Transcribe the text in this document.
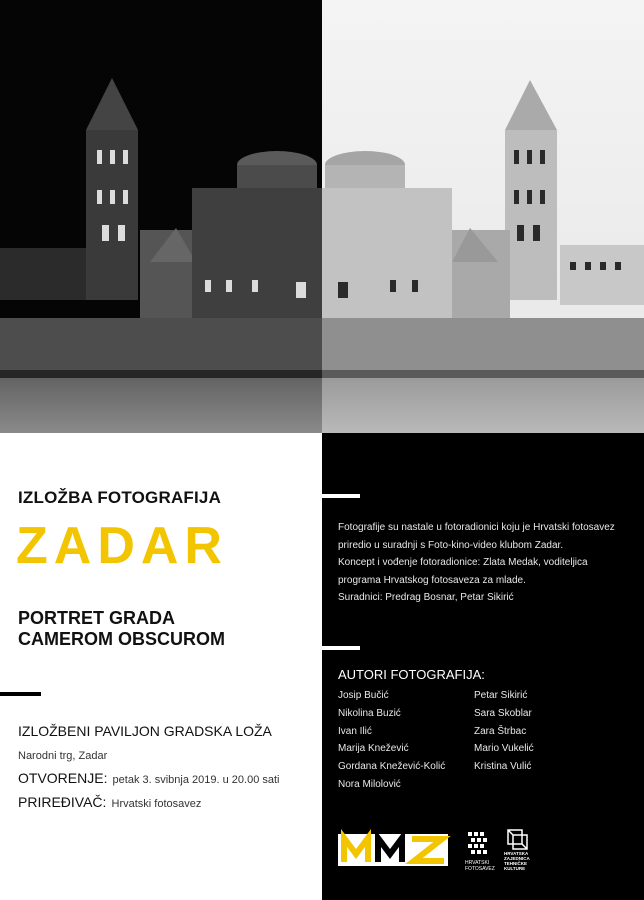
IZLOŽBA FOTOGRAFIJA
ZADAR
PORTRET GRADA
CAMEROM OBSCUROM
IZLOŽBENI PAVILJON GRADSKA LOŽA
Narodni trg, Zadar
OTVORENJE: petak 3. svibnja 2019. u 20.00 sati
PRIREĐIVAČ: Hrvatski fotosavez

Fotografije su nastale u fotoradionici koju je Hrvatski fotosavez priredio u suradnji s Foto-kino-video klubom Zadar.

Koncept i vođenje fotoradionice: Zlata Medak, voditeljica programa Hrvatskog fotosaveza za mlade.

Suradnici: Predrag Bosnar, Petar Sikirić

AUTORI FOTOGRAFIJA:
Josip Bučić
Nikolina Buzić
Ivan Ilić
Marija Knežević
Gordana Knežević-Kolić
Nora Milolović
Petar Sikirić
Sara Skoblar
Zara Štrbac
Mario Vukelić
Kristina Vulić
HRVATSKI
FOTOSAVEZ
HRVATSKA
ZAJEDNICA
TEHNIČKE
KULTURE
